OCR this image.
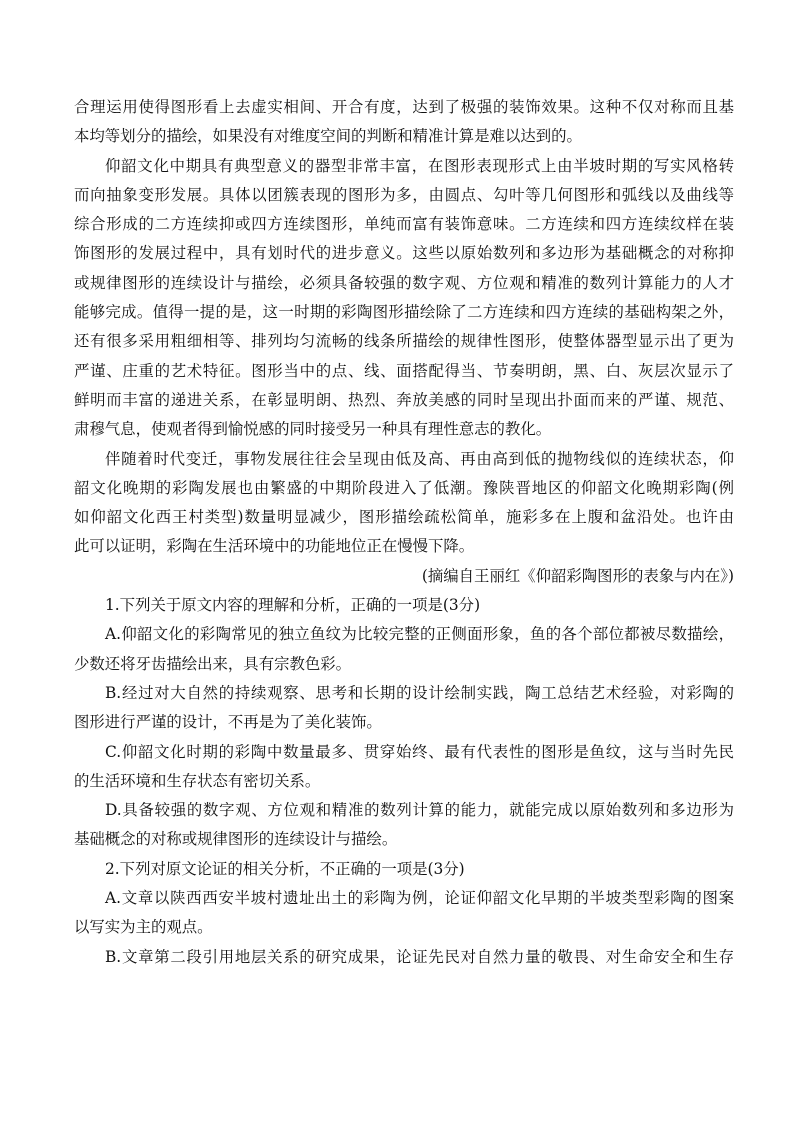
合理运用使得图形看上去虚实相间、开合有度，达到了极强的装饰效果。这种不仅对称而且基
本均等划分的描绘，如果没有对维度空间的判断和精准计算是难以达到的。
仰韶文化中期具有典型意义的器型非常丰富，在图形表现形式上由半坡时期的写实风格转
而向抽象变形发展。具体以团簇表现的图形为多，由圆点、勾叶等几何图形和弧线以及曲线等
综合形成的二方连续抑或四方连续图形，单纯而富有装饰意味。二方连续和四方连续纹样在装
饰图形的发展过程中，具有划时代的进步意义。这些以原始数列和多边形为基础概念的对称抑
或规律图形的连续设计与描绘，必须具备较强的数字观、方位观和精准的数列计算能力的人才
能够完成。值得一提的是，这一时期的彩陶图形描绘除了二方连续和四方连续的基础构架之外，
还有很多采用粗细相等、排列均匀流畅的线条所描绘的规律性图形，使整体器型显示出了更为
严谨、庄重的艺术特征。图形当中的点、线、面搭配得当、节奏明朗，黑、白、灰层次显示了
鲜明而丰富的递进关系，在彰显明朗、热烈、奔放美感的同时呈现出扑面而来的严谨、规范、
肃穆气息，使观者得到愉悦感的同时接受另一种具有理性意志的教化。
伴随着时代变迁，事物发展往往会呈现由低及高、再由高到低的抛物线似的连续状态，仰
韶文化晚期的彩陶发展也由繁盛的中期阶段进入了低潮。豫陕晋地区的仰韶文化晚期彩陶(例
如仰韶文化西王村类型)数量明显减少，图形描绘疏松简单，施彩多在上腹和盆沿处。也许由
此可以证明，彩陶在生活环境中的功能地位正在慢慢下降。
(摘编自王丽红《仰韶彩陶图形的表象与内在》)
1.下列关于原文内容的理解和分析，正确的一项是(3分)
A.仰韶文化的彩陶常见的独立鱼纹为比较完整的正侧面形象，鱼的各个部位都被尽数描绘，
少数还将牙齿描绘出来，具有宗教色彩。
B.经过对大自然的持续观察、思考和长期的设计绘制实践，陶工总结艺术经验，对彩陶的
图形进行严谨的设计，不再是为了美化装饰。
C.仰韶文化时期的彩陶中数量最多、贯穿始终、最有代表性的图形是鱼纹，这与当时先民
的生活环境和生存状态有密切关系。
D.具备较强的数字观、方位观和精准的数列计算的能力，就能完成以原始数列和多边形为
基础概念的对称或规律图形的连续设计与描绘。
2.下列对原文论证的相关分析，不正确的一项是(3分)
A.文章以陕西西安半坡村遗址出土的彩陶为例，论证仰韶文化早期的半坡类型彩陶的图案
以写实为主的观点。
B.文章第二段引用地层关系的研究成果，论证先民对自然力量的敬畏、对生命安全和生存
